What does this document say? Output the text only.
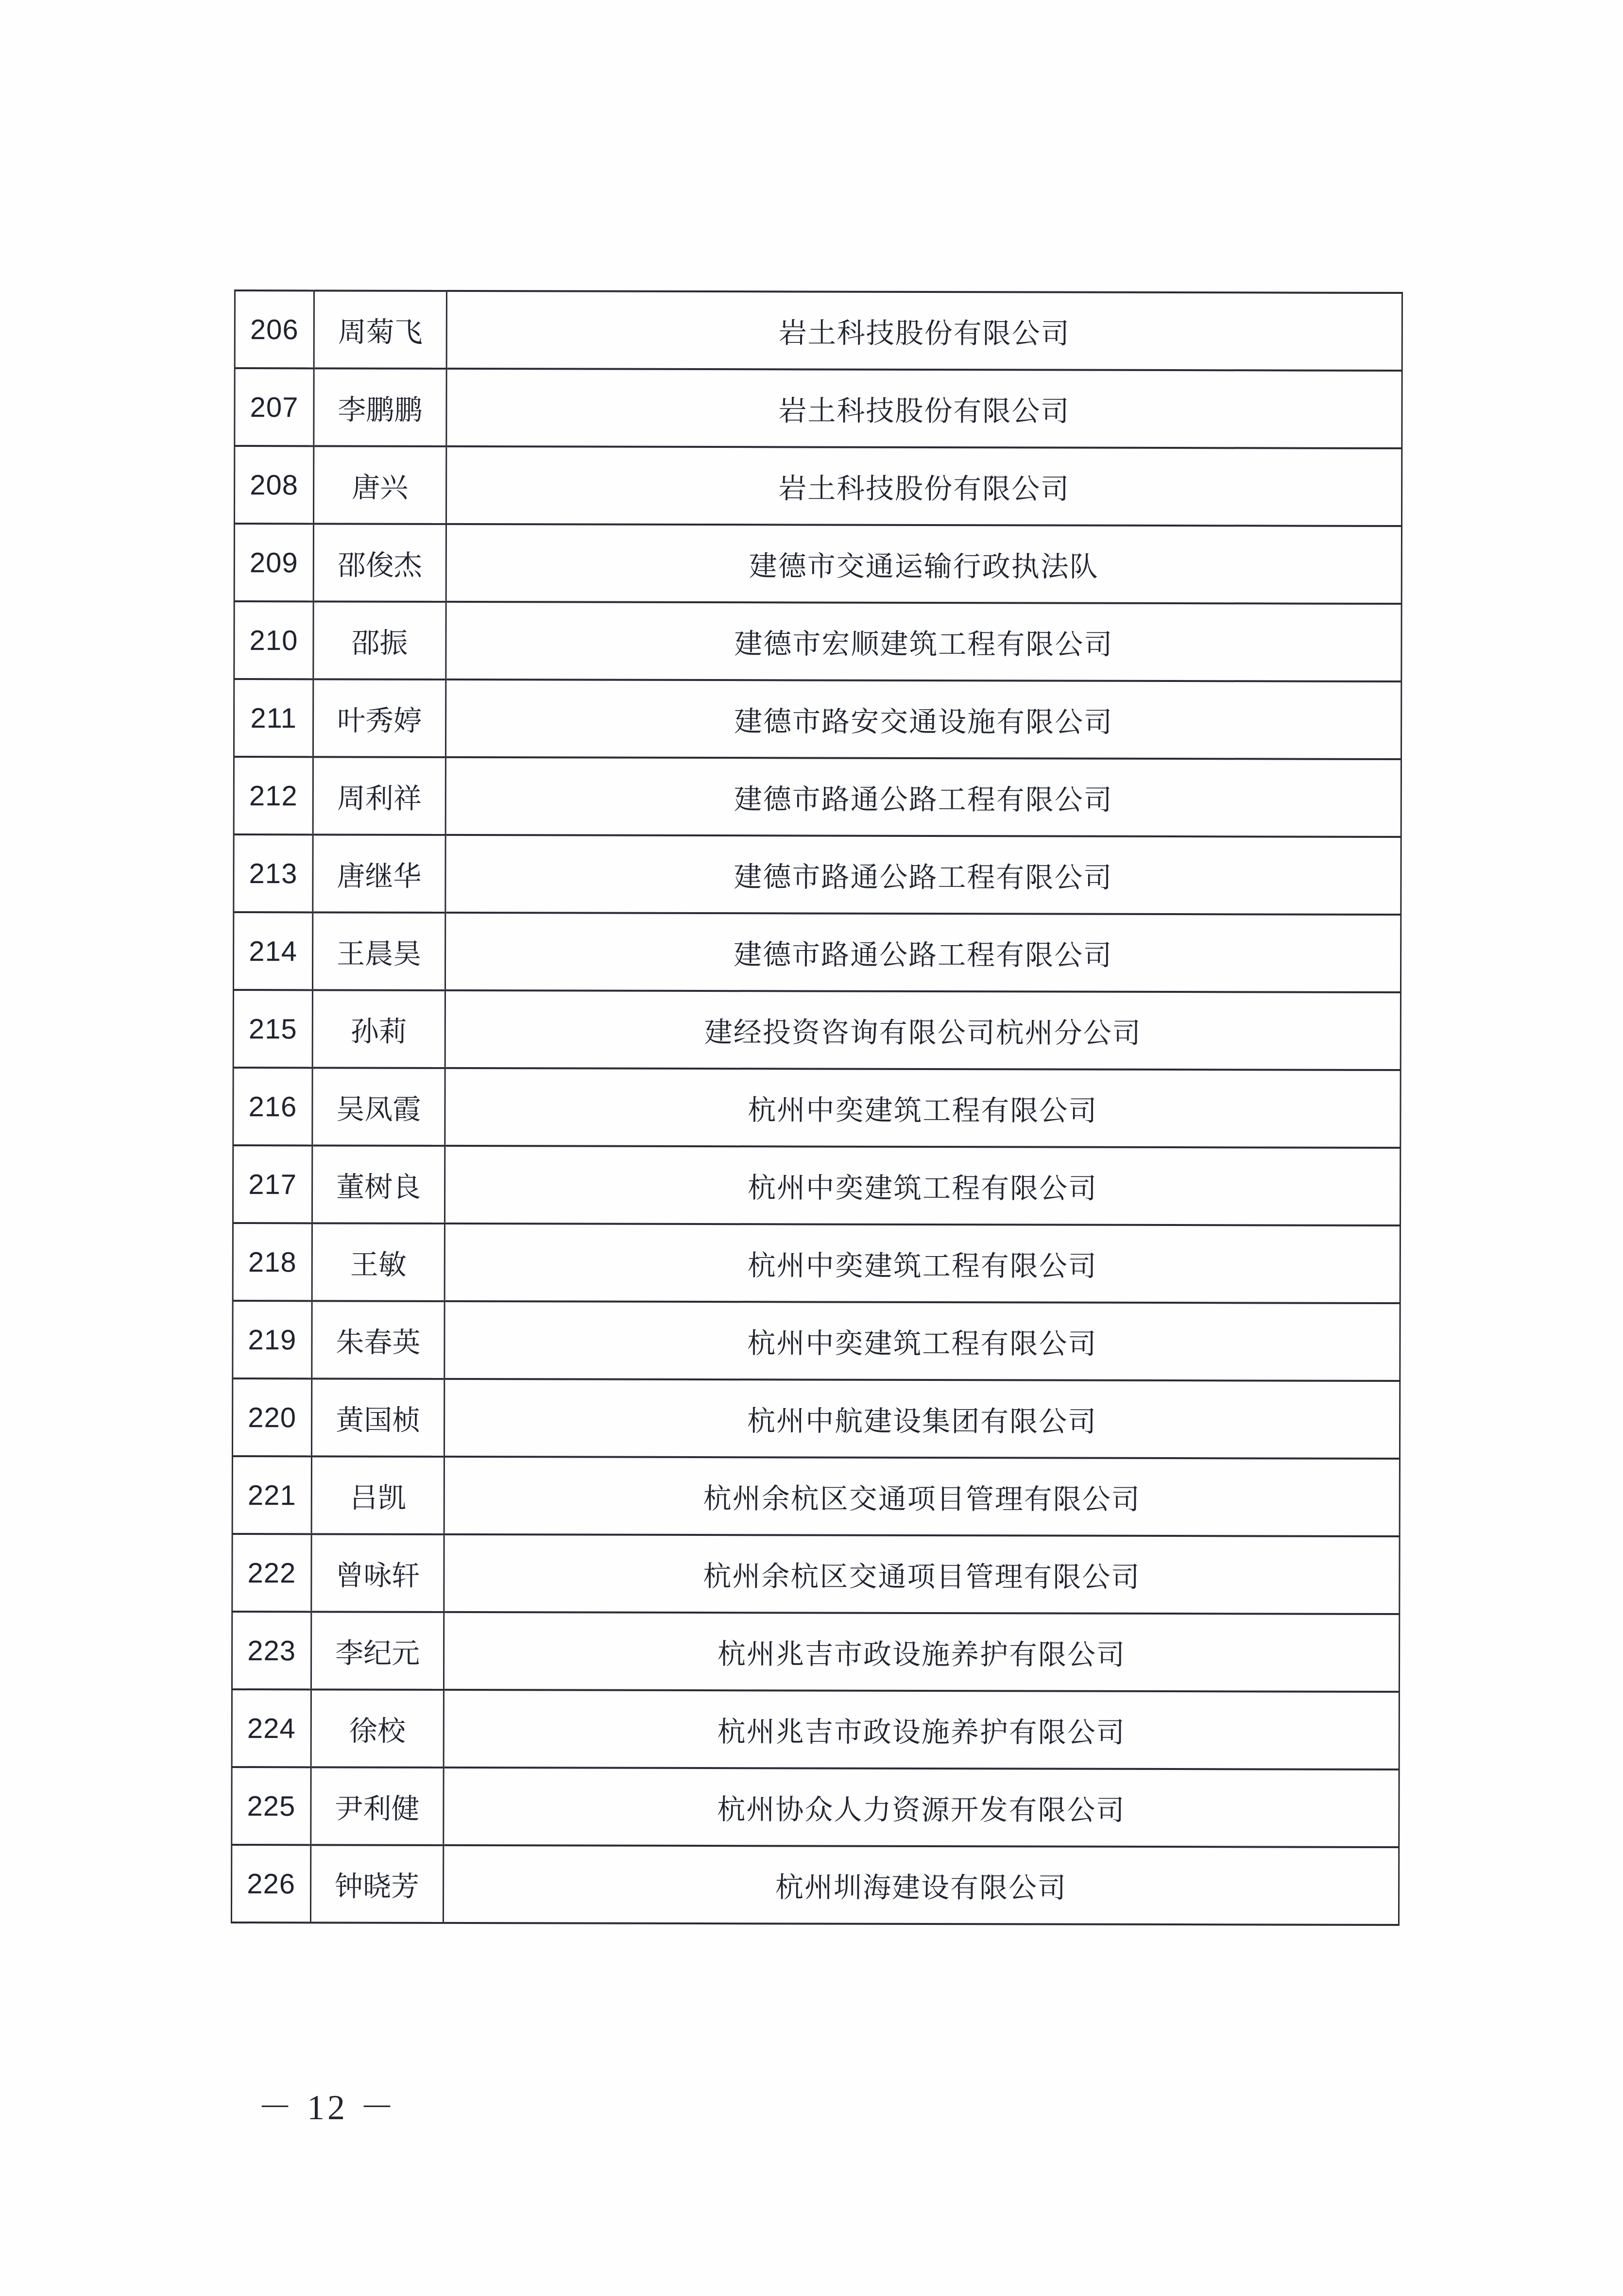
206	周菊飞	岩土科技股份有限公司
207	李鹏鹏	岩土科技股份有限公司
208	唐兴	岩土科技股份有限公司
209	邵俊杰	建德市交通运输行政执法队
210	邵振	建德市宏顺建筑工程有限公司
211	叶秀婷	建德市路安交通设施有限公司
212	周利祥	建德市路通公路工程有限公司
213	唐继华	建德市路通公路工程有限公司
214	王晨昊	建德市路通公路工程有限公司
215	孙莉	建经投资咨询有限公司杭州分公司
216	吴凤霞	杭州中奕建筑工程有限公司
217	董树良	杭州中奕建筑工程有限公司
218	王敏	杭州中奕建筑工程有限公司
219	朱春英	杭州中奕建筑工程有限公司
220	黄国桢	杭州中航建设集团有限公司
221	吕凯	杭州余杭区交通项目管理有限公司
222	曾咏轩	杭州余杭区交通项目管理有限公司
223	李纪元	杭州兆吉市政设施养护有限公司
224	徐校	杭州兆吉市政设施养护有限公司
225	尹利健	杭州协众人力资源开发有限公司
226	钟晓芳	杭州圳海建设有限公司
－ 12 －
